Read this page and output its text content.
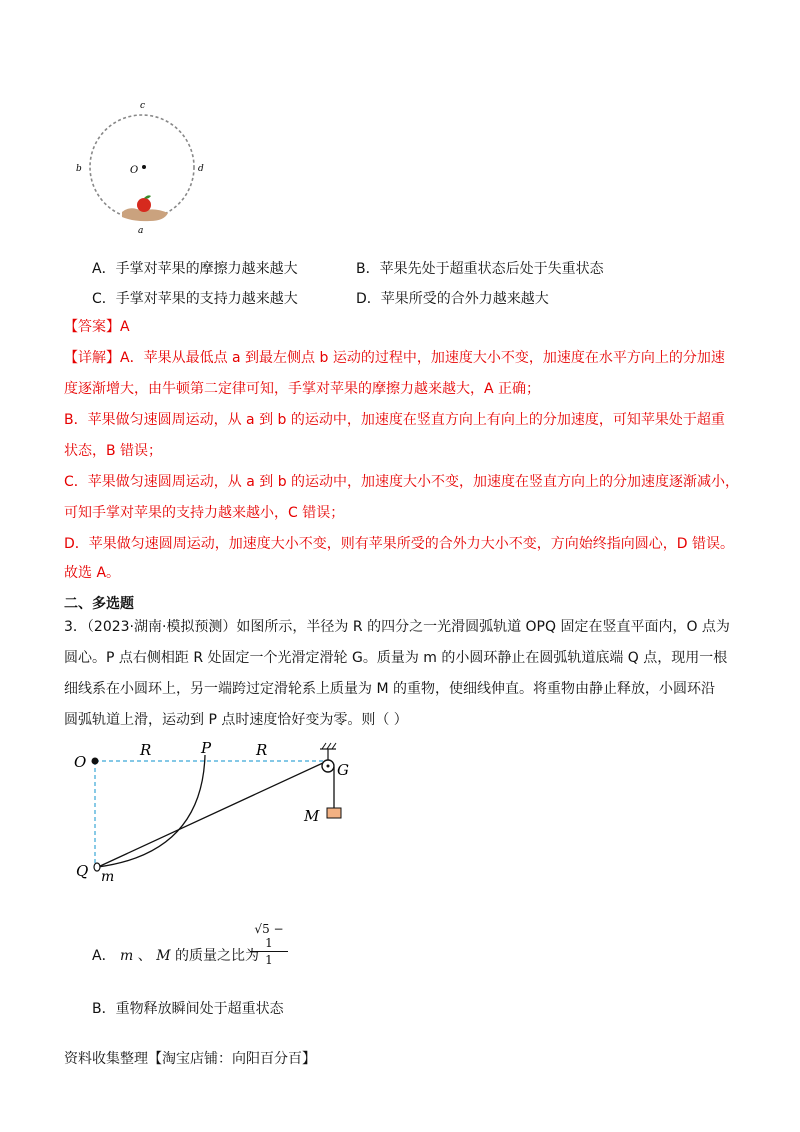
c
b	d
O
a
A．手掌对苹果的摩擦力越来越大	B．苹果先处于超重状态后处于失重状态
C．手掌对苹果的支持力越来越大	D．苹果所受的合外力越来越大
【答案】A
【详解】A．苹果从最低点 a 到最左侧点 b 运动的过程中，加速度大小不变，加速度在水平方向上的分加速
度逐渐增大，由牛顿第二定律可知，手掌对苹果的摩擦力越来越大，A 正确；
B．苹果做匀速圆周运动，从 a 到 b 的运动中，加速度在竖直方向上有向上的分加速度，可知苹果处于超重
状态，B 错误；
C．苹果做匀速圆周运动，从 a 到 b 的运动中，加速度大小不变，加速度在竖直方向上的分加速度逐渐减小，
可知手掌对苹果的支持力越来越小，C 错误；
D．苹果做匀速圆周运动，加速度大小不变，则有苹果所受的合外力大小不变，方向始终指向圆心，D 错误。
故选 A。
二、多选题
3．（2023·湖南·模拟预测）如图所示，半径为 R 的四分之一光滑圆弧轨道 OPQ 固定在竖直平面内，O 点为
圆心。P 点右侧相距 R 处固定一个光滑定滑轮 G。质量为 m 的小圆环静止在圆弧轨道底端 Q 点，现用一根
细线系在小圆环上，另一端跨过定滑轮系上质量为 M 的重物，使细线伸直。将重物由静止释放，小圆环沿
圆弧轨道上滑，运动到 P 点时速度恰好变为零。则（ ）
O
R	P	R
G
M
Q m
A． m 、 M 的质量之比为
$\frac{√5 - 1}{1}$
B．重物释放瞬间处于超重状态
资料收集整理【淘宝店铺：向阳百分百】
